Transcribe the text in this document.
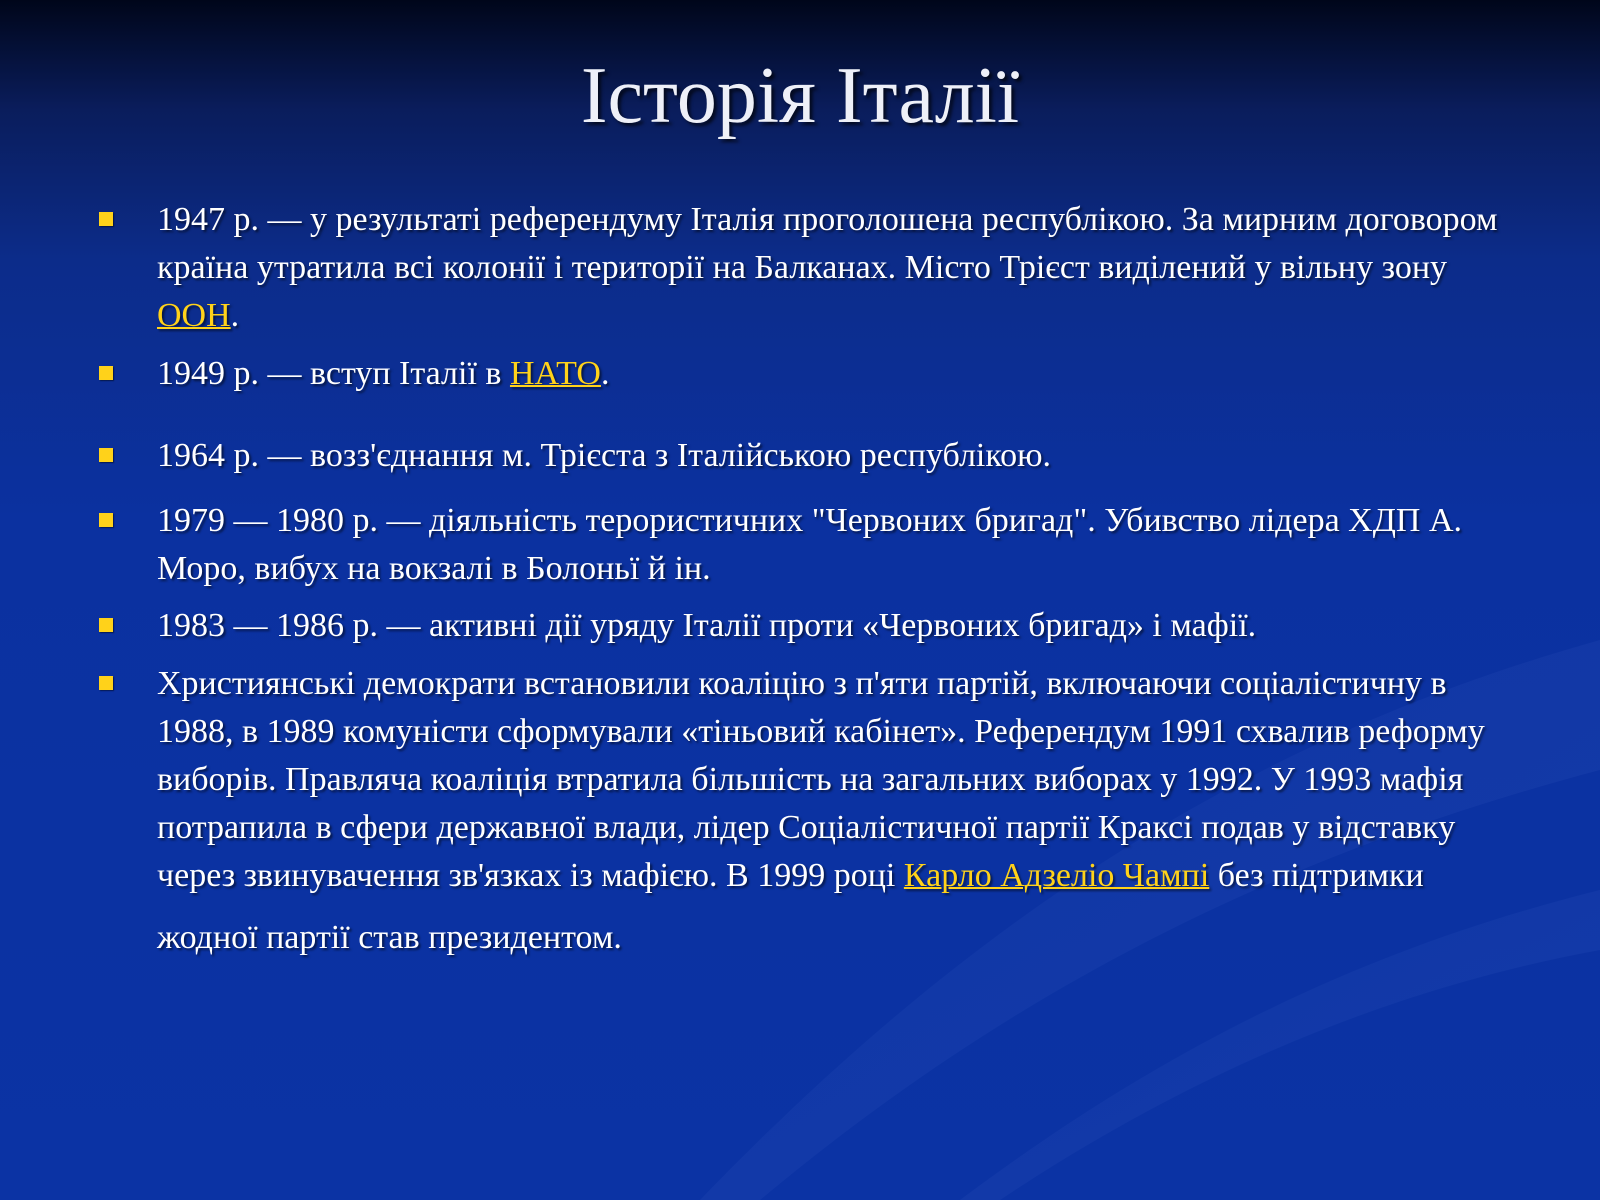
Історія Італії
1947 р. — у результаті референдуму Італія проголошена республікою. За мирним договором країна утратила всі колонії і території на Балканах. Місто Трієст виділений у вільну зону ООН.
1949 р. — вступ Італії в НАТО.
1964 р. — возз'єднання м. Трієста з Італійською республікою.
1979 — 1980 р. — діяльність терористичних "Червоних бригад". Убивство лідера ХДП А. Моро, вибух на вокзалі в Болоньї й ін.
1983 — 1986 р. — активні дії уряду Італії проти «Червоних бригад» і мафії.
Християнські демократи встановили коаліцію з п'яти партій, включаючи соціалістичну в 1988, в 1989 комуністи сформували «тіньовий кабінет». Референдум 1991 схвалив реформу виборів. Правляча коаліція втратила більшість на загальних виборах у 1992. У 1993 мафія потрапила в сфери державної влади, лідер Соціалістичної партії Краксі подав у відставку через звинувачення зв'язках із мафією. В 1999 році Карло Адзеліо Чампі без підтримки
жодної партії став президентом.
